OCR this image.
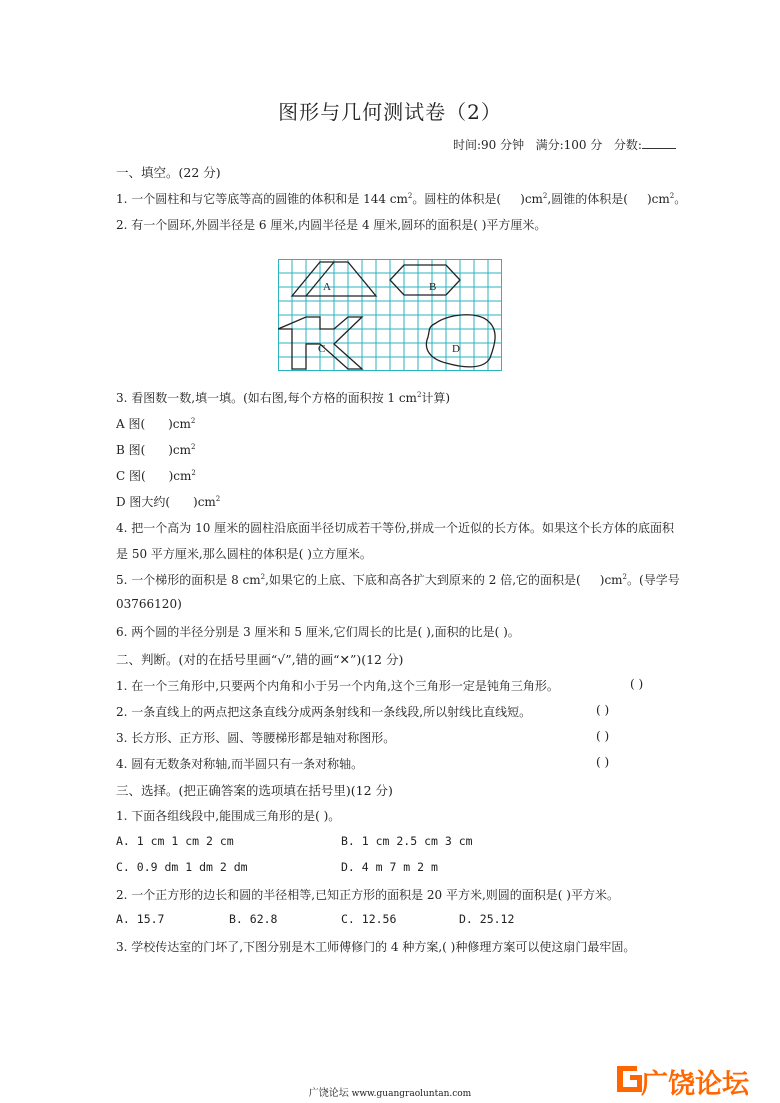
图形与几何测试卷（2）
时间:90 分钟 满分:100 分 分数:
一、填空。(22 分)
1. 一个圆柱和与它等底等高的圆锥的体积和是 144 $cm^2$。圆柱的体积是( )$cm^2$,圆锥的体积是( )$cm^2$。
2. 有一个圆环,外圆半径是 6 厘米,内圆半径是 4 厘米,圆环的面积是( )平方厘米。
A	B
C	D
3. 看图数一数,填一填。(如右图,每个方格的面积按 1 $cm^2$计算)
A 图( )$cm^2$
B 图( )$cm^2$
C 图( )$cm^2$
D 图大约( )$cm^2$
4. 把一个高为 10 厘米的圆柱沿底面半径切成若干等份,拼成一个近似的长方体。如果这个长方体的底面积
是 50 平方厘米,那么圆柱的体积是( )立方厘米。
5. 一个梯形的面积是 8 $cm^2$,如果它的上底、下底和高各扩大到原来的 2 倍,它的面积是( )$cm^2$。(导学号
03766120)
6. 两个圆的半径分别是 3 厘米和 5 厘米,它们周长的比是( ),面积的比是( )。
二、判断。(对的在括号里画“√”,错的画“✕”)(12 分)
1. 在一个三角形中,只要两个内角和小于另一个内角,这个三角形一定是钝角三角形。	( )
2. 一条直线上的两点把这条直线分成两条射线和一条线段,所以射线比直线短。	( )
3. 长方形、正方形、圆、等腰梯形都是轴对称图形。	( )
4. 圆有无数条对称轴,而半圆只有一条对称轴。	( )
三、选择。(把正确答案的选项填在括号里)(12 分)
1. 下面各组线段中,能围成三角形的是( )。
A. 1 cm 1 cm 2 cm	B. 1 cm 2.5 cm 3 cm
C. 0.9 dm 1 dm 2 dm	D. 4 m 7 m 2 m
2. 一个正方形的边长和圆的半径相等,已知正方形的面积是 20 平方米,则圆的面积是( )平方米。
A. 15.7	B. 62.8	C. 12.56	D. 25.12
3. 学校传达室的门坏了,下图分别是木工师傅修门的 4 种方案,( )种修理方案可以使这扇门最牢固。
广饶论坛 www.guangraoluntan.com	广饶论坛
